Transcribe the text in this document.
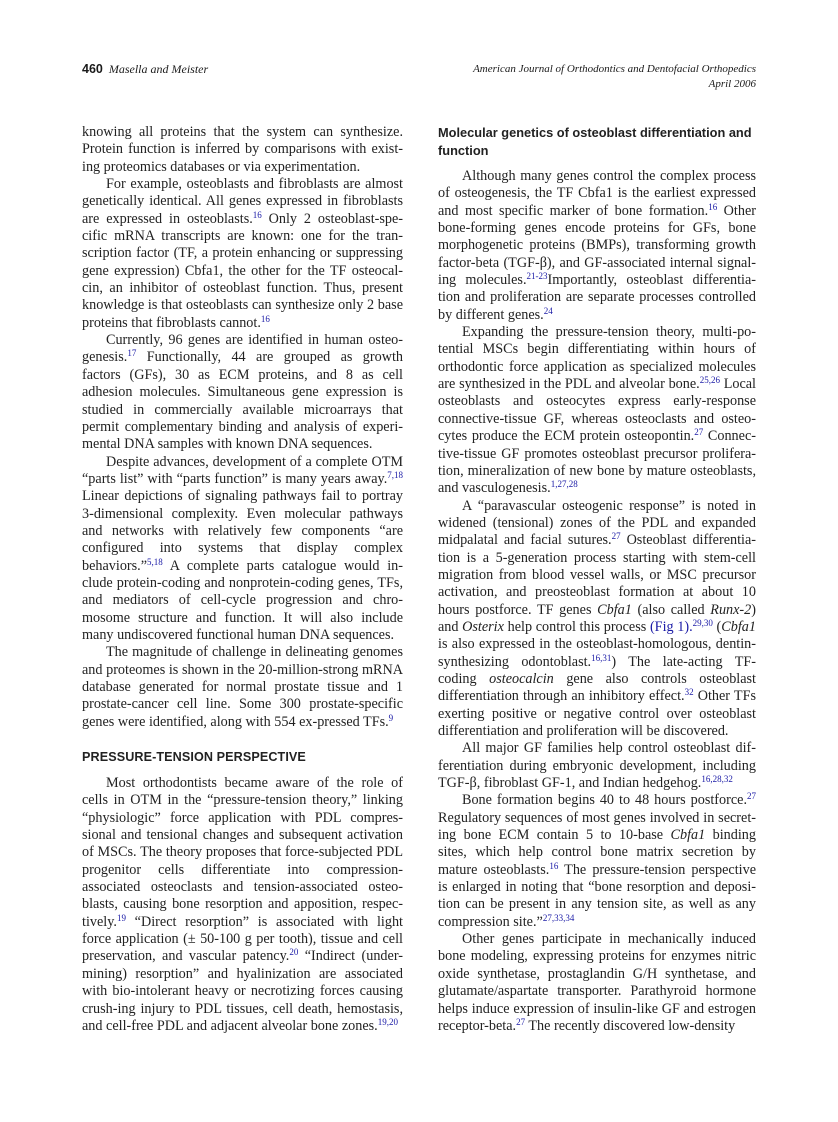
460 Masella and Meister	American Journal of Orthodontics and Dentofacial Orthopedics
April 2006

knowing all proteins that the system can synthesize. Protein function is inferred by comparisons with exist-ing proteomics databases or via experimentation.

For example, osteoblasts and fibroblasts are almost genetically identical. All genes expressed in fibroblasts are expressed in osteoblasts.$^{16}$ Only 2 osteoblast-spe-cific mRNA transcripts are known: one for the tran-scription factor (TF, a protein enhancing or suppressing gene expression) Cbfa1, the other for the TF osteocal-cin, an inhibitor of osteoblast function. Thus, present knowledge is that osteoblasts can synthesize only 2 base proteins that fibroblasts cannot.$^{16}$

Currently, 96 genes are identified in human osteo-genesis.$^{17}$ Functionally, 44 are grouped as growth factors (GFs), 30 as ECM proteins, and 8 as cell adhesion molecules. Simultaneous gene expression is studied in commercially available microarrays that permit complementary binding and analysis of experi-mental DNA samples with known DNA sequences.

Despite advances, development of a complete OTM “parts list” with “parts function” is many years away.$^{7,18}$ Linear depictions of signaling pathways fail to portray 3-dimensional complexity. Even molecular pathways and networks with relatively few components “are configured into systems that display complex behaviors.”$^{5,18}$ A complete parts catalogue would in-clude protein-coding and nonprotein-coding genes, TFs, and mediators of cell-cycle progression and chro-mosome structure and function. It will also include many undiscovered functional human DNA sequences.

The magnitude of challenge in delineating genomes and proteomes is shown in the 20-million-strong mRNA database generated for normal prostate tissue and 1 prostate-cancer cell line. Some 300 prostate-specific genes were identified, along with 554 ex-pressed TFs.$^9$

PRESSURE-TENSION PERSPECTIVE

Most orthodontists became aware of the role of cells in OTM in the “pressure-tension theory,” linking “physiologic” force application with PDL compres-sional and tensional changes and subsequent activation of MSCs. The theory proposes that force-subjected PDL progenitor cells differentiate into compression-associated osteoclasts and tension-associated osteo-blasts, causing bone resorption and apposition, respec-tively.$^{19}$ “Direct resorption” is associated with light force application (± 50-100 g per tooth), tissue and cell preservation, and vascular patency.$^{20}$ “Indirect (under-mining) resorption” and hyalinization are associated with bio-intolerant heavy or necrotizing forces causing crush-ing injury to PDL tissues, cell death, hemostasis, and cell-free PDL and adjacent alveolar bone zones.$^{19,20}$

Molecular genetics of osteoblast differentiation and function

Although many genes control the complex process of osteogenesis, the TF Cbfa1 is the earliest expressed and most specific marker of bone formation.$^{16}$ Other bone-forming genes encode proteins for GFs, bone morphogenetic proteins (BMPs), transforming growth factor-beta (TGF-β), and GF-associated internal signal-ing molecules.$^{21-23}$Importantly, osteoblast differentia-tion and proliferation are separate processes controlled by different genes.$^{24}$

Expanding the pressure-tension theory, multi-po-tential MSCs begin differentiating within hours of orthodontic force application as specialized molecules are synthesized in the PDL and alveolar bone.$^{25,26}$ Local osteoblasts and osteocytes express early-response connective-tissue GF, whereas osteoclasts and osteo-cytes produce the ECM protein osteopontin.$^{27}$ Connec-tive-tissue GF promotes osteoblast precursor prolifera-tion, mineralization of new bone by mature osteoblasts, and vasculogenesis.$^{1,27,28}$

A “paravascular osteogenic response” is noted in widened (tensional) zones of the PDL and expanded midpalatal and facial sutures.$^{27}$ Osteoblast differentia-tion is a 5-generation process starting with stem-cell migration from blood vessel walls, or MSC precursor activation, and preosteoblast formation at about 10 hours postforce. TF genes Cbfa1 (also called Runx-2) and Osterix help control this process (Fig 1).$^{29,30}$ (Cbfa1 is also expressed in the osteoblast-homologous, dentin-synthesizing odontoblast.$^{16,31}$) The late-acting TF-coding osteocalcin gene also controls osteoblast differentiation through an inhibitory effect.$^{32}$ Other TFs exerting positive or negative control over osteoblast differentiation and proliferation will be discovered.

All major GF families help control osteoblast dif-ferentiation during embryonic development, including TGF-β, fibroblast GF-1, and Indian hedgehog.$^{16,28,32}$

Bone formation begins 40 to 48 hours postforce.$^{27}$ Regulatory sequences of most genes involved in secret-ing bone ECM contain 5 to 10-base Cbfa1 binding sites, which help control bone matrix secretion by mature osteoblasts.$^{16}$ The pressure-tension perspective is enlarged in noting that “bone resorption and deposi-tion can be present in any tension site, as well as any compression site.”$^{27,33,34}$

Other genes participate in mechanically induced bone modeling, expressing proteins for enzymes nitric oxide synthetase, prostaglandin G/H synthetase, and glutamate/aspartate transporter. Parathyroid hormone helps induce expression of insulin-like GF and estrogen receptor-beta.$^{27}$ The recently discovered low-density
